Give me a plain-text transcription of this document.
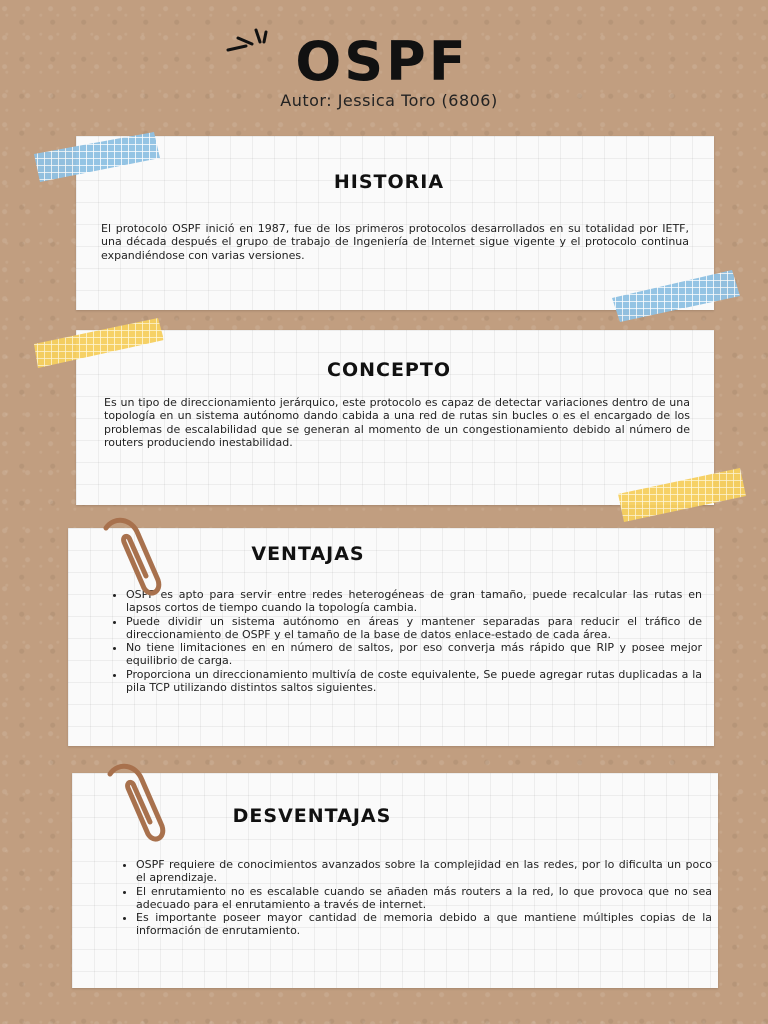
OSPF
Autor: Jessica Toro (6806)
HISTORIA

El protocolo OSPF inició en 1987, fue de los primeros protocolos desarrollados en su totalidad por IETF, una década después el grupo de trabajo de Ingeniería de Internet sigue vigente y el protocolo continua expandiéndose con varias versiones.

CONCEPTO

Es un tipo de direccionamiento jerárquico, este protocolo es capaz de detectar variaciones dentro de una topología en un sistema autónomo dando cabida a una red de rutas sin bucles o es el encargado de los problemas de escalabilidad que se generan al momento de un congestionamiento debido al número de routers produciendo inestabilidad.

VENTAJAS
• OSPF es apto para servir entre redes heterogéneas de gran tamaño, puede recalcular las rutas en lapsos cortos de tiempo cuando la topología cambia.
• Puede dividir un sistema autónomo en áreas y mantener separadas para reducir el tráfico de direccionamiento de OSPF y el tamaño de la base de datos enlace-estado de cada área.
• No tiene limitaciones en en número de saltos, por eso converja más rápido que RIP y posee mejor equilibrio de carga.
• Proporciona un direccionamiento multivía de coste equivalente, Se puede agregar rutas duplicadas a la pila TCP utilizando distintos saltos siguientes.
DESVENTAJAS
• OSPF requiere de conocimientos avanzados sobre la complejidad en las redes, por lo dificulta un poco el aprendizaje.
• El enrutamiento no es escalable cuando se añaden más routers a la red, lo que provoca que no sea adecuado para el enrutamiento a través de internet.
• Es importante poseer mayor cantidad de memoria debido a que mantiene múltiples copias de la información de enrutamiento.
